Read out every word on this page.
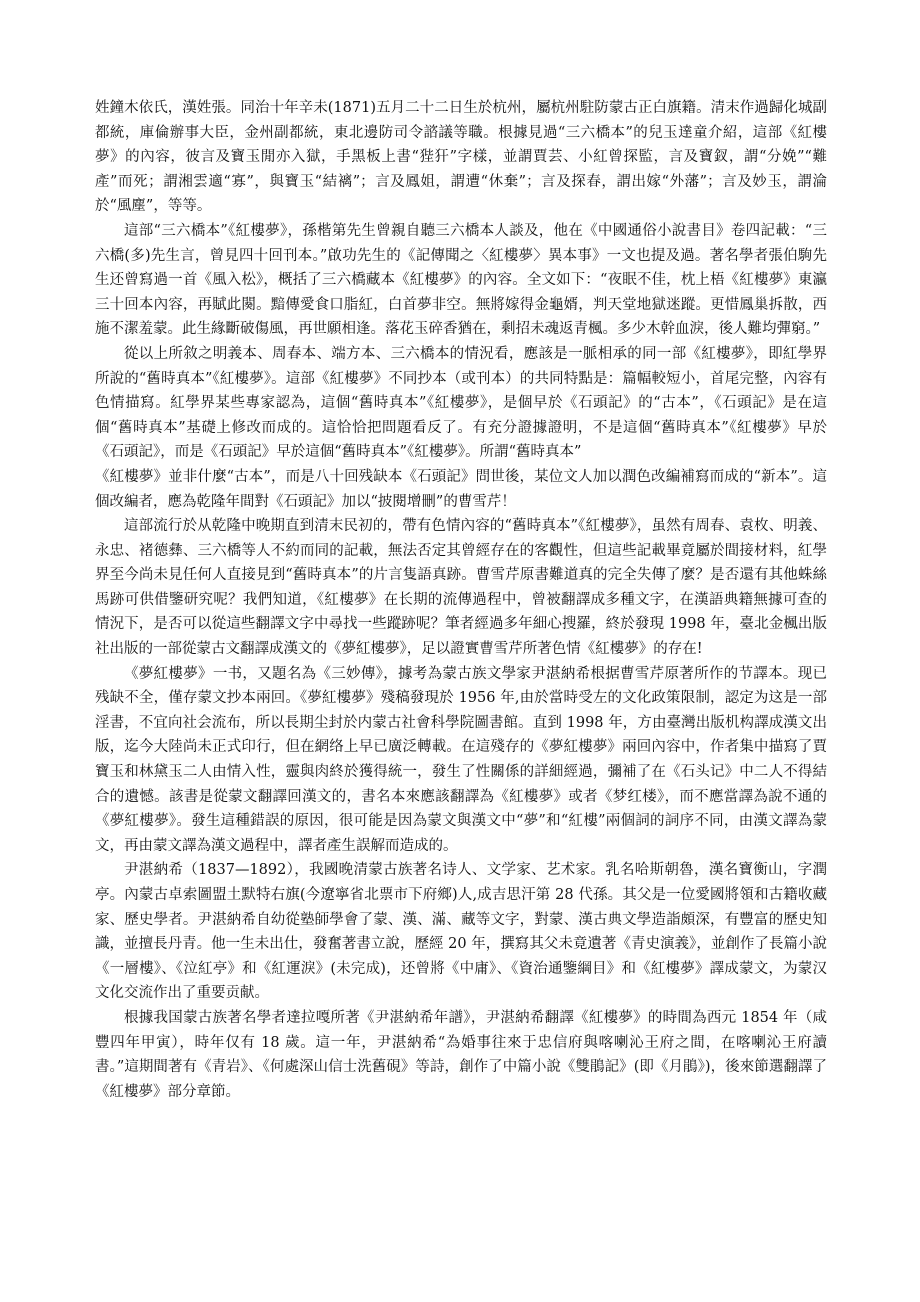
姓鐘木依氏，漢姓張。同治十年辛未(1871)五月二十二日生於杭州，屬杭州駐防蒙古正白旗籍。清末作過歸化城副都統，庫倫辦事大臣，金州副都統，東北邊防司令諮議等職。根據見過“三六橋本”的兒玉達童介紹，這部《紅樓夢》的內容，彼言及寶玉閒亦入獄，手黑板上書“狴犴”字樣，並謂賈芸、小紅曾探監，言及寶釵，謂“分娩”“難產”而死；謂湘雲適“寡”，與寶玉“結褵”；言及鳳姐，謂遭“休棄”；言及探春，謂出嫁“外藩”；言及妙玉，謂淪於“風塵”，等等。

這部“三六橋本”《紅樓夢》，孫楷第先生曾親自聽三六橋本人談及，他在《中國通俗小說書目》卷四記載：“三六橋(多)先生言，曾見四十回刊本。”啟功先生的《記傳聞之〈紅樓夢〉異本事》一文也提及過。著名學者張伯駒先生还曾寫過一首《風入松》，概括了三六橋藏本《紅樓夢》的內容。全文如下：“夜眠不佳，枕上梧《紅樓夢》東瀛三十回本內容，再賦此闋。黯傳愛食口脂紅，白首夢非空。無將嫁得金龜婿，判天堂地獄迷蹤。更惜鳳巢拆散，西施不潔羞蒙。此生緣斷破傷風，再世願相逢。落花玉碎香猶在，剩招未魂返青楓。多少木幹血淚，後人難均彈窮。”

從以上所敘之明義本、周春本、端方本、三六橋本的情況看，應該是一脈相承的同一部《紅樓夢》，即紅學界所說的“舊時真本”《紅樓夢》。這部《紅樓夢》不同抄本（或刊本）的共同特點是：篇幅較短小，首尾完整，內容有色情描寫。紅學界某些專家認為，這個“舊時真本”《紅樓夢》，是個早於《石頭記》的“古本”，《石頭記》是在這個“舊時真本”基礎上修改而成的。這恰恰把問題看反了。有充分證據證明，不是這個“舊時真本”《紅樓夢》早於《石頭記》，而是《石頭記》早於這個“舊時真本”《紅樓夢》。所謂“舊時真本”

《紅樓夢》並非什麼“古本”，而是八十回残缺本《石頭記》問世後，某位文人加以潤色改編補寫而成的“新本”。這個改編者，應為乾隆年間對《石頭記》加以“披閱增刪”的曹雪芹！

這部流行於从乾隆中晚期直到清末民初的，帶有色情內容的“舊時真本”《紅樓夢》，虽然有周春、袁枚、明義、永忠、褚德彝、三六橋等人不約而同的記載，無法否定其曾經存在的客觀性，但這些記載畢竟屬於間接材料，紅學界至今尚未見任何人直接見到“舊時真本”的片言隻語真跡。曹雪芹原書難道真的完全失傳了麼？是否還有其他蛛絲馬跡可供借鑒研究呢？我們知道，《紅樓夢》在长期的流傳過程中，曾被翻譯成多種文字，在漢語典籍無據可查的情況下，是否可以從這些翻譯文字中尋找一些蹤跡呢？筆者經過多年細心搜羅，終於發現 1998 年，臺北金楓出版社出版的一部從蒙古文翻譯成漢文的《夢紅樓夢》，足以證實曹雪芹所著色情《紅樓夢》的存在!

《夢紅樓夢》一书，又題名為《三妙傳》，據考為蒙古族文學家尹湛納希根据曹雪芹原著所作的节譯本。现已残缺不全，僅存蒙文抄本兩回。《夢紅樓夢》殘稿發現於 1956 年,由於當時受左的文化政策限制，認定为这是一部淫書，不宜向社会流布，所以長期尘封於内蒙古社會科學院圖書館。直到 1998 年，方由臺灣出版机构譯成漢文出版，迄今大陸尚未正式印行，但在網络上早已廣泛轉載。在這殘存的《夢紅樓夢》兩回內容中，作者集中描寫了賈寶玉和林黛玉二人由情入性，靈與肉終於獲得統一，發生了性關係的詳細經過，彌補了在《石头记》中二人不得結合的遺憾。該書是從蒙文翻譯回漢文的，書名本來應該翻譯為《紅樓夢》或者《梦红楼》，而不應當譯為說不通的《夢紅樓夢》。發生這種錯誤的原因，很可能是因為蒙文與漢文中“夢”和“紅樓”兩個詞的詞序不同，由漢文譯為蒙文，再由蒙文譯為漢文過程中，譯者產生誤解而造成的。

尹湛納希（1837—1892），我國晚清蒙古族著名诗人、文学家、艺术家。乳名哈斯朝魯，漢名寶衡山，字潤亭。內蒙古卓索圖盟土默特右旗(今遼寧省北票市下府鄉)人,成吉思汗第 28 代孫。其父是一位愛國將領和古籍收藏家、歷史學者。尹湛納希自幼從塾師學會了蒙、漢、滿、藏等文字，對蒙、漢古典文學造詣頗深，有豐富的歷史知識，並擅長丹青。他一生未出仕，發奮著書立說，歷經 20 年，撰寫其父未竟遺著《青史演義》，並創作了長篇小說《一層樓》、《泣紅亭》和《紅運淚》(未完成)，还曾將《中庸》、《資治通鑒綱目》和《紅樓夢》譯成蒙文，为蒙汉文化交流作出了重要贡献。

根據我国蒙古族著名學者達拉嘎所著《尹湛納希年譜》，尹湛納希翻譯《紅樓夢》的時間為西元 1854 年（咸豐四年甲寅），時年仅有 18 歲。這一年，尹湛納希“為婚事往來于忠信府與喀喇沁王府之間，在喀喇沁王府讀書。”這期間著有《青岩》、《何處深山信士洗舊硯》等詩，創作了中篇小說《雙鵑記》(即《月鵑》)，後來節選翻譯了《紅樓夢》部分章節。
